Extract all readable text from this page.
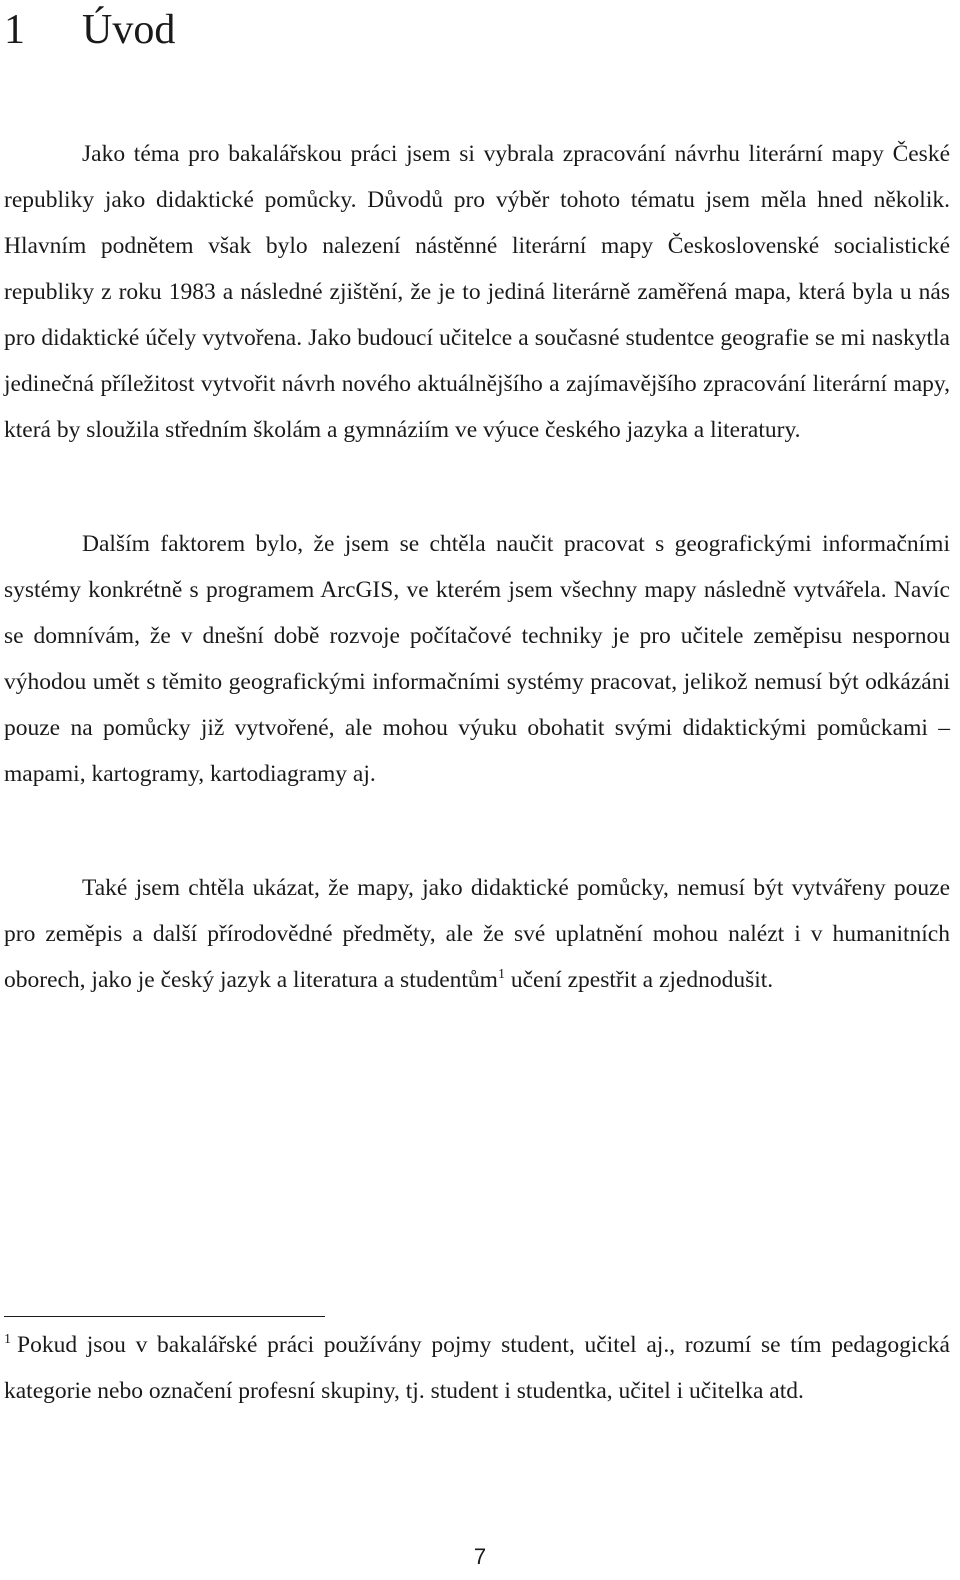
1 Úvod

Jako téma pro bakalářskou práci jsem si vybrala zpracování návrhu literární mapy České republiky jako didaktické pomůcky. Důvodů pro výběr tohoto tématu jsem měla hned několik. Hlavním podnětem však bylo nalezení nástěnné literární mapy Československé socialistické republiky z roku 1983 a následné zjištění, že je to jediná literárně zaměřená mapa, která byla u nás pro didaktické účely vytvořena. Jako budoucí učitelce a současné studentce geografie se mi naskytla jedinečná příležitost vytvořit návrh nového aktuálnějšího a zajímavějšího zpracování literární mapy, která by sloužila středním školám a gymnáziím ve výuce českého jazyka a literatury.

Dalším faktorem bylo, že jsem se chtěla naučit pracovat s geografickými informačními systémy konkrétně s programem ArcGIS, ve kterém jsem všechny mapy následně vytvářela. Navíc se domnívám, že v dnešní době rozvoje počítačové techniky je pro učitele zeměpisu nespornou výhodou umět s těmito geografickými informačními systémy pracovat, jelikož nemusí být odkázáni pouze na pomůcky již vytvořené, ale mohou výuku obohatit svými didaktickými pomůckami – mapami, kartogramy, kartodiagramy aj.

Také jsem chtěla ukázat, že mapy, jako didaktické pomůcky, nemusí být vytvářeny pouze pro zeměpis a další přírodovědné předměty, ale že své uplatnění mohou nalézt i v humanitních oborech, jako je český jazyk a literatura a studentům$^1$ učení zpestřit a zjednodušit.

$^1$ Pokud jsou v bakalářské práci používány pojmy student, učitel aj., rozumí se tím pedagogická kategorie nebo označení profesní skupiny, tj. student i studentka, učitel i učitelka atd.

7
